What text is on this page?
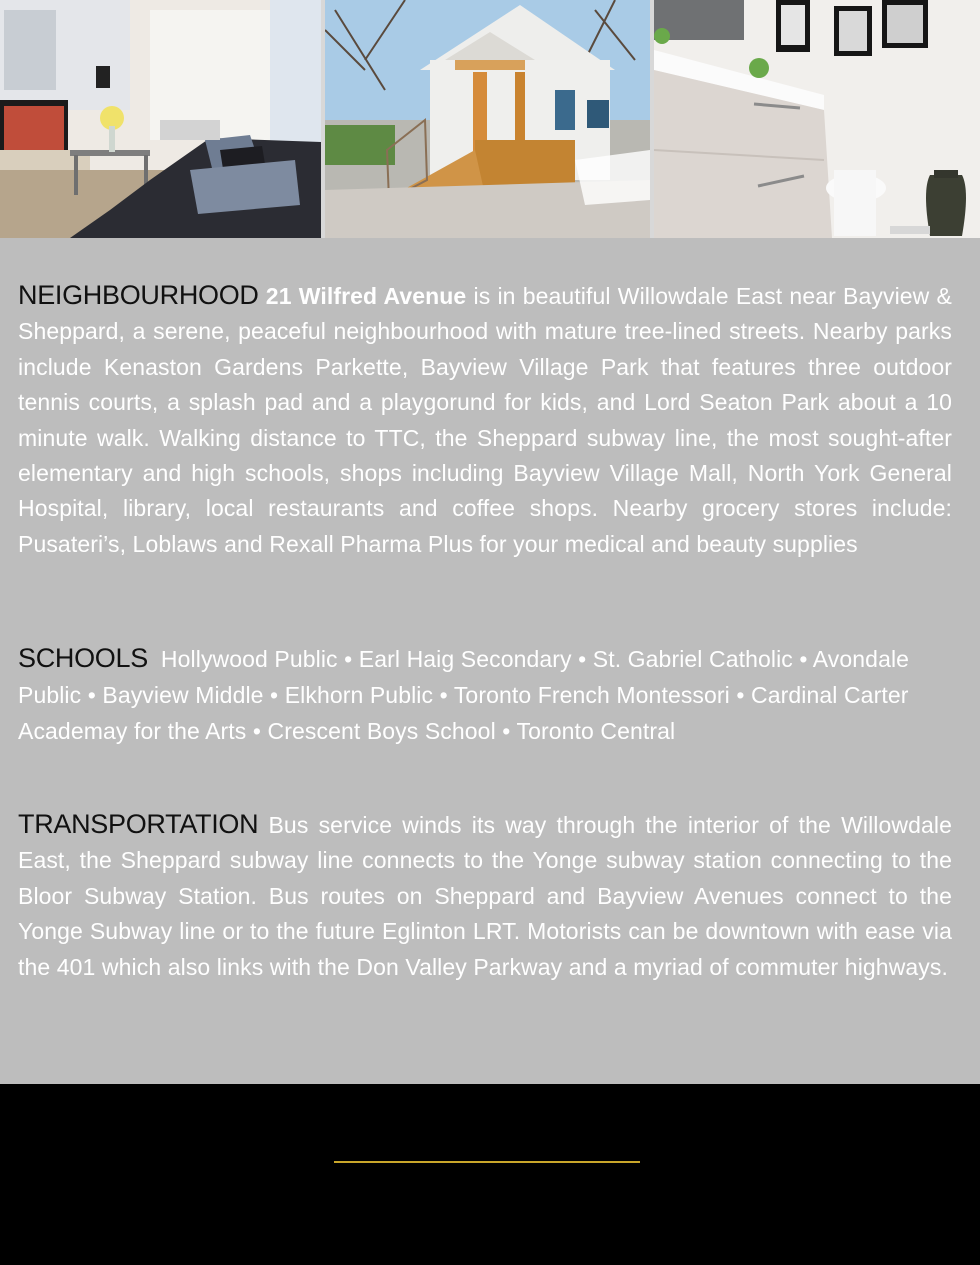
NEIGHBOURHOOD 21 Wilfred Avenue is in beautiful Willowdale East near Bayview & Sheppard, a serene, peaceful neighbourhood with mature tree-lined streets. Nearby parks include Kenaston Gardens Parkette, Bayview Village Park that features three outdoor tennis courts, a splash pad and a playgorund for kids, and Lord Seaton Park about a 10 minute walk. Walking distance to TTC, the Sheppard subway line, the most sought-after elementary and high schools, shops including Bayview Village Mall, North York General Hospital, library, local restaurants and coffee shops. Nearby grocery stores include: Pusateri’s, Loblaws and Rexall Pharma Plus for your medical and beauty supplies
SCHOOLS Hollywood Public • Earl Haig Secondary • St. Gabriel Catholic • Avondale Public • Bayview Middle • Elkhorn Public • Toronto French Montessori • Cardinal Carter Academay for the Arts • Crescent Boys School • Toronto Central
TRANSPORTATION Bus service winds its way through the interior of the Willowdale East, the Sheppard subway line connects to the Yonge subway station connecting to the Bloor Subway Station. Bus routes on Sheppard and Bayview Avenues connect to the Yonge Subway line or to the future Eglinton LRT. Motorists can be downtown with ease via the 401 which also links with the Don Valley Parkway and a myriad of commuter highways.
